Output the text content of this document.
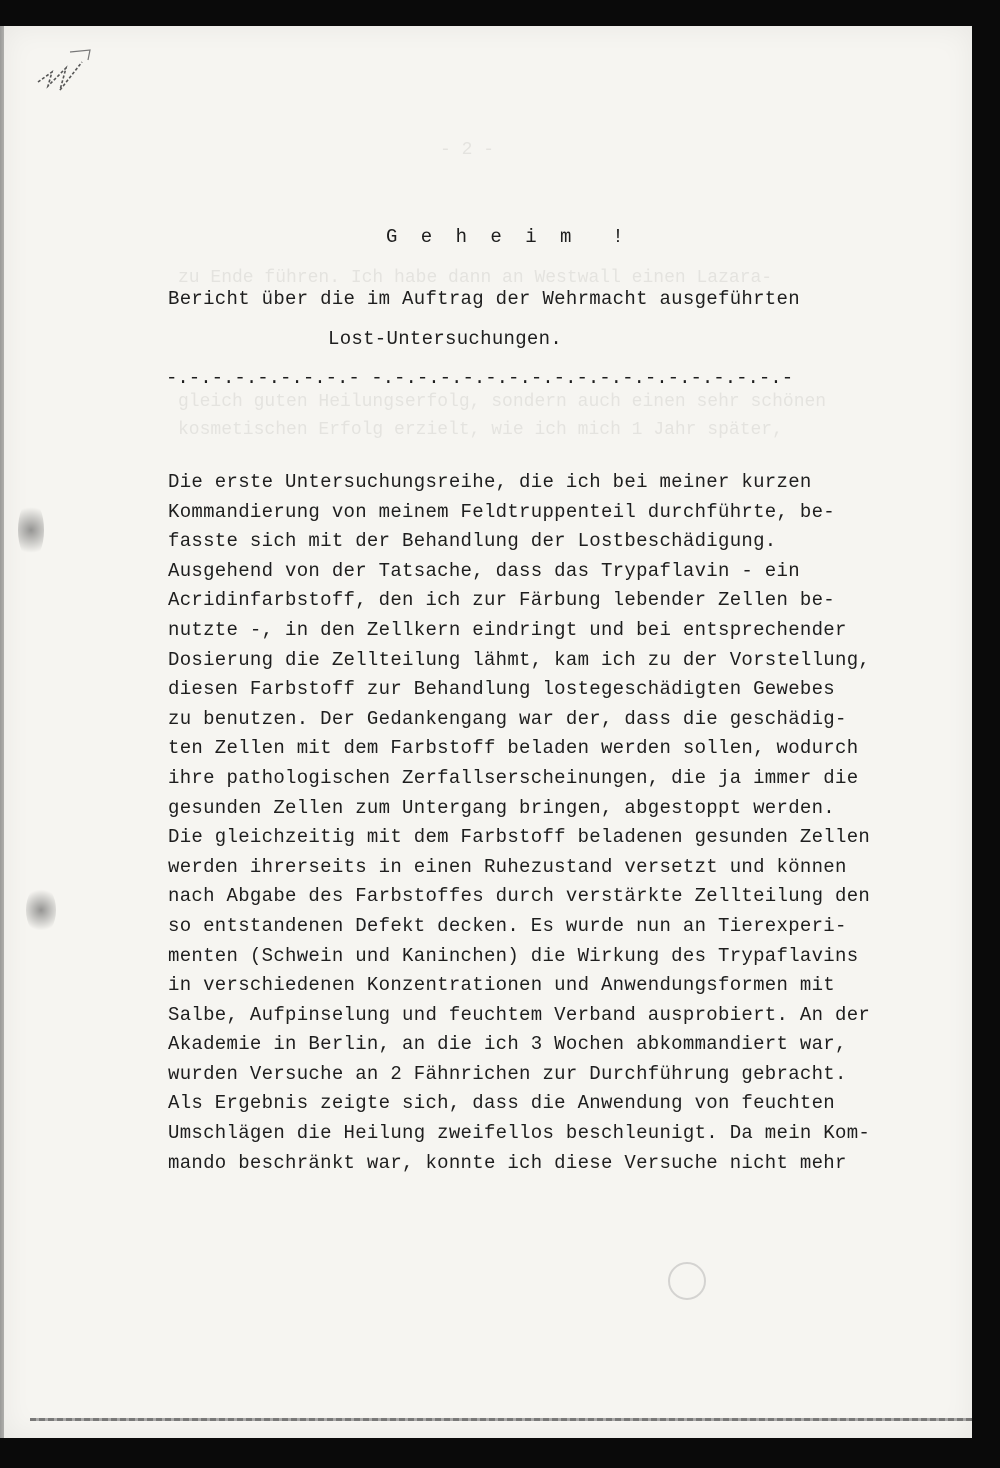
- 2 -
zu Ende führen. Ich habe dann an Westwall einen Lazara-
gleich guten Heilungserfolg, sondern auch einen sehr schönen
kosmetischen Erfolg erzielt, wie ich mich 1 Jahr später,
G e h e i m  !
Bericht über die im Auftrag der Wehrmacht ausgeführten
Lost-Untersuchungen.
-.-.-.-.-.-.-.-.- -.-.-.-.-.-.-.-.-.-.-.-.-.-.-.-.-.-.-
Die erste Untersuchungsreihe, die ich bei meiner kurzen
Kommandierung von meinem Feldtruppenteil durchführte, be-
fasste sich mit der Behandlung der Lostbeschädigung.
Ausgehend von der Tatsache, dass das Trypaflavin - ein
Acridinfarbstoff, den ich zur Färbung lebender Zellen be-
nutzte -, in den Zellkern eindringt und bei entsprechender
Dosierung die Zellteilung lähmt, kam ich zu der Vorstellung,
diesen Farbstoff zur Behandlung lostegeschädigten Gewebes
zu benutzen. Der Gedankengang war der, dass die geschädig-
ten Zellen mit dem Farbstoff beladen werden sollen, wodurch
ihre pathologischen Zerfallserscheinungen, die ja immer die
gesunden Zellen zum Untergang bringen, abgestoppt werden.
Die gleichzeitig mit dem Farbstoff beladenen gesunden Zellen
werden ihrerseits in einen Ruhezustand versetzt und können
nach Abgabe des Farbstoffes durch verstärkte Zellteilung den
so entstandenen Defekt decken. Es wurde nun an Tierexperi-
menten (Schwein und Kaninchen) die Wirkung des Trypaflavins
in verschiedenen Konzentrationen und Anwendungsformen mit
Salbe, Aufpinselung und feuchtem Verband ausprobiert. An der
Akademie in Berlin, an die ich 3 Wochen abkommandiert war,
wurden Versuche an 2 Fähnrichen zur Durchführung gebracht.
Als Ergebnis zeigte sich, dass die Anwendung von feuchten
Umschlägen die Heilung zweifellos beschleunigt. Da mein Kom-
mando beschränkt war, konnte ich diese Versuche nicht mehr
